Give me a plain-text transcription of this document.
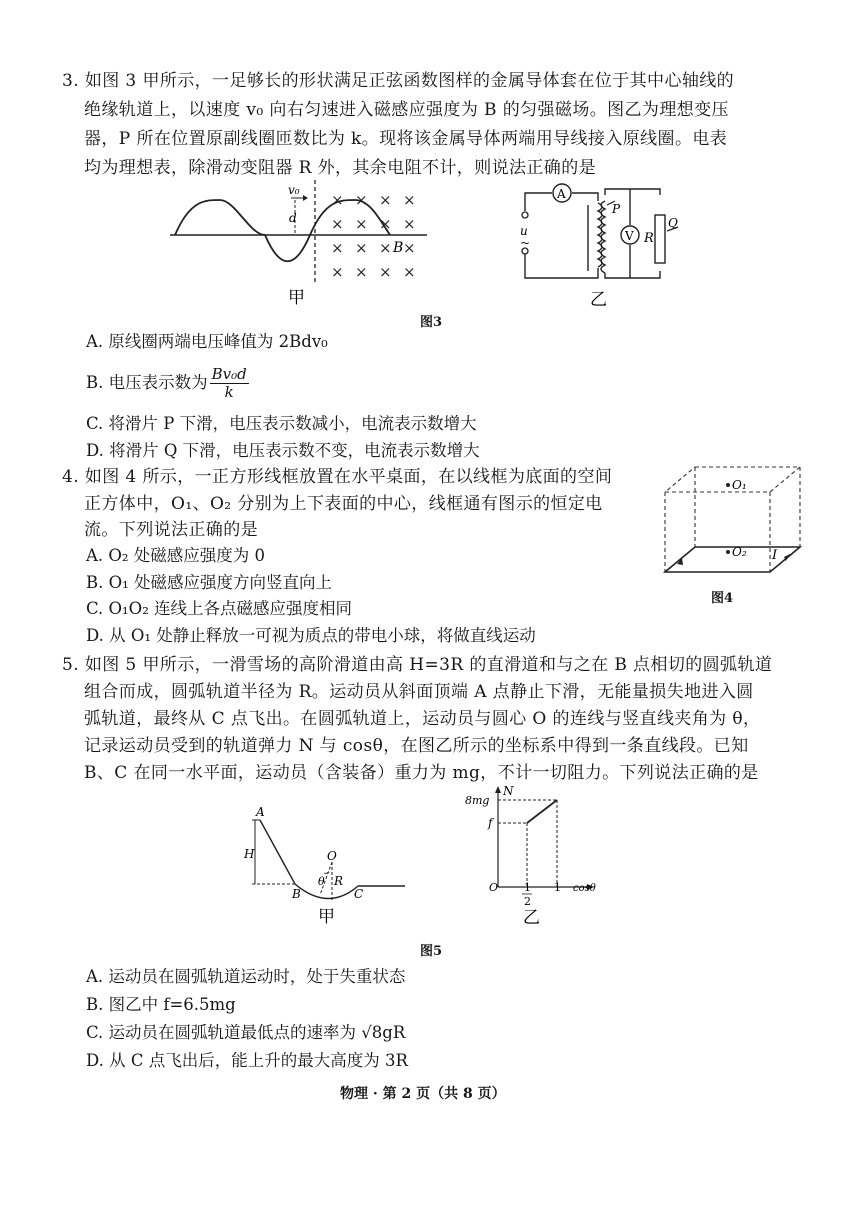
3. 如图 3 甲所示，一足够长的形状满足正弦函数图样的金属导体套在位于其中心轴线的
绝缘轨道上，以速度 v₀ 向右匀速进入磁感应强度为 B 的匀强磁场。图乙为理想变压
器，P 所在位置原副线圈匝数比为 k。现将该金属导体两端用导线接入原线圈。电表
均为理想表，除滑动变阻器 R 外，其余电阻不计，则说法正确的是
v₀
d
× × × ×
× × × ×
× × × ×
× × × ×
B
甲
A
V
P
R
Q
u
~
乙
图3
A. 原线圈两端电压峰值为 2Bdv₀
B. 电压表示数为 $\frac{\text{Bv₀d}}{k}$
C. 将滑片 P 下滑，电压表示数减小，电流表示数增大
D. 将滑片 Q 下滑，电压表示数不变，电流表示数增大
4. 如图 4 所示，一正方形线框放置在水平桌面，在以线框为底面的空间
正方体中，O₁、O₂ 分别为上下表面的中心，线框通有图示的恒定电
流。下列说法正确的是
A. O₂ 处磁感应强度为 0
B. O₁ 处磁感应强度方向竖直向上
C. O₁O₂ 连线上各点磁感应强度相同
D. 从 O₁ 处静止释放一可视为质点的带电小球，将做直线运动
O₁
O₂ I
图4
5. 如图 5 甲所示，一滑雪场的高阶滑道由高 H=3R 的直滑道和与之在 B 点相切的圆弧轨道
组合而成，圆弧轨道半径为 R。运动员从斜面顶端 A 点静止下滑，无能量损失地进入圆
弧轨道，最终从 C 点飞出。在圆弧轨道上，运动员与圆心 O 的连线与竖直线夹角为 θ，
记录运动员受到的轨道弹力 N 与 cosθ，在图乙所示的坐标系中得到一条直线段。已知
B、C 在同一水平面，运动员（含装备）重力为 mg，不计一切阻力。下列说法正确的是
A
H	O
θ R
B	C
甲
8mg
N
f
O 1
2
1 cosθ
乙
图5
A. 运动员在圆弧轨道运动时，处于失重状态
B. 图乙中 f=6.5mg
C. 运动员在圆弧轨道最低点的速率为 √8gR
D. 从 C 点飞出后，能上升的最大高度为 3R
物理 · 第 2 页（共 8 页）
